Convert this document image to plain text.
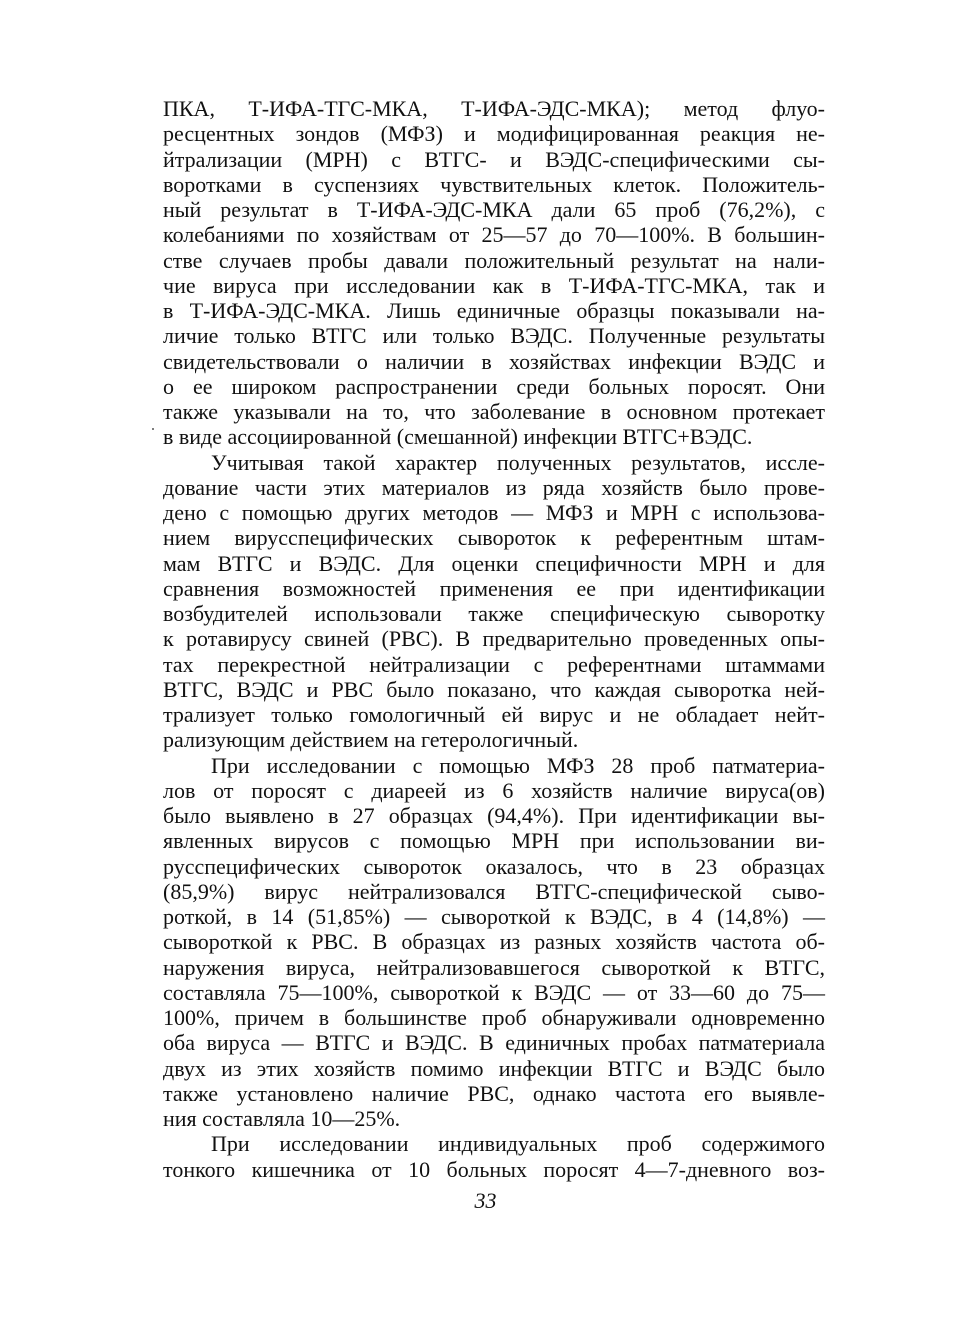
ПКА, Т-ИФА-ТГС-МКА, Т-ИФА-ЭДС-МКА); метод флуо-
ресцентных зондов (МФЗ) и модифицированная реакция не-
йтрализации (МРН) с ВТГС- и ВЭДС-специфическими сы-
воротками в суспензиях чувствительных клеток. Положитель-
ный результат в Т-ИФА-ЭДС-МКА дали 65 проб (76,2%), с
колебаниями по хозяйствам от 25—57 до 70—100%. В большин-
стве случаев пробы давали положительный результат на нали-
чие вируса при исследовании как в Т-ИФА-ТГС-МКА, так и
в Т-ИФА-ЭДС-МКА. Лишь единичные образцы показывали на-
личие только ВТГС или только ВЭДС. Полученные результаты
свидетельствовали о наличии в хозяйствах инфекции ВЭДС и
о ее широком распространении среди больных поросят. Они
также указывали на то, что заболевание в основном протекает
в виде ассоциированной (смешанной) инфекции ВТГС+ВЭДС.
Учитывая такой характер полученных результатов, иссле-
дование части этих материалов из ряда хозяйств было прове-
дено с помощью других методов — МФЗ и МРН с использова-
нием вирусспецифических сывороток к референтным штам-
мам ВТГС и ВЭДС. Для оценки специфичности МРН и для
сравнения возможностей применения ее при идентификации
возбудителей использовали также специфическую сыворотку
к ротавирусу свиней (РВС). В предварительно проведенных опы-
тах перекрестной нейтрализации с референтнами штаммами
ВТГС, ВЭДС и РВС было показано, что каждая сыворотка ней-
трализует только гомологичный ей вирус и не обладает нейт-
рализующим действием на гетерологичный.
При исследовании с помощью МФЗ 28 проб патматериа-
лов от поросят с диареей из 6 хозяйств наличие вируса(ов)
было выявлено в 27 образцах (94,4%). При идентификации вы-
явленных вирусов с помощью МРН при использовании ви-
русспецифических сывороток оказалось, что в 23 образцах
(85,9%) вирус нейтрализовался ВТГС-специфической сыво-
роткой, в 14 (51,85%) — сывороткой к ВЭДС, в 4 (14,8%) —
сывороткой к РВС. В образцах из разных хозяйств частота об-
наружения вируса, нейтрализовавшегося сывороткой к ВТГС,
составляла 75—100%, сывороткой к ВЭДС — от 33—60 до 75—
100%, причем в большинстве проб обнаруживали одновременно
оба вируса — ВТГС и ВЭДС. В единичных пробах патматериала
двух из этих хозяйств помимо инфекции ВТГС и ВЭДС было
также установлено наличие РВС, однако частота его выявле-
ния составляла 10—25%.
При исследовании индивидуальных проб содержимого
тонкого кишечника от 10 больных поросят 4—7-дневного воз-
33
